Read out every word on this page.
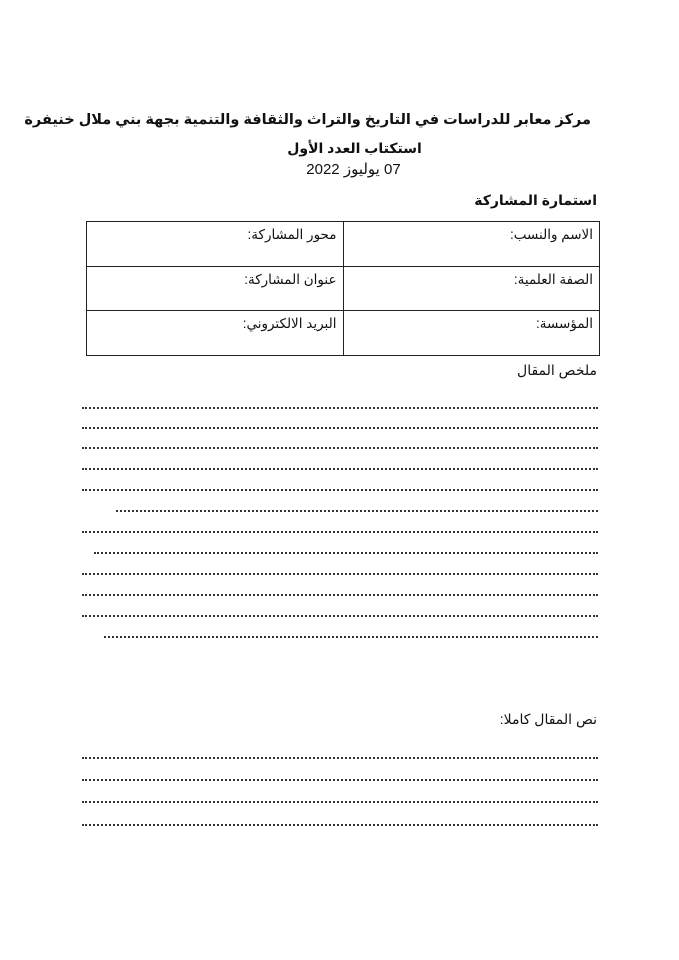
مركز معابر للدراسات في التاريخ والتراث والثقافة والتنمية بجهة بني ملال خنيفرة
استكتاب العدد الأول
07 يوليوز 2022
استمارة المشاركة
الاسم والنسب:	محور المشاركة:
الصفة العلمية:	عنوان المشاركة:
المؤسسة:	البريد الالكتروني:
ملخص المقال
نص المقال كاملا:
